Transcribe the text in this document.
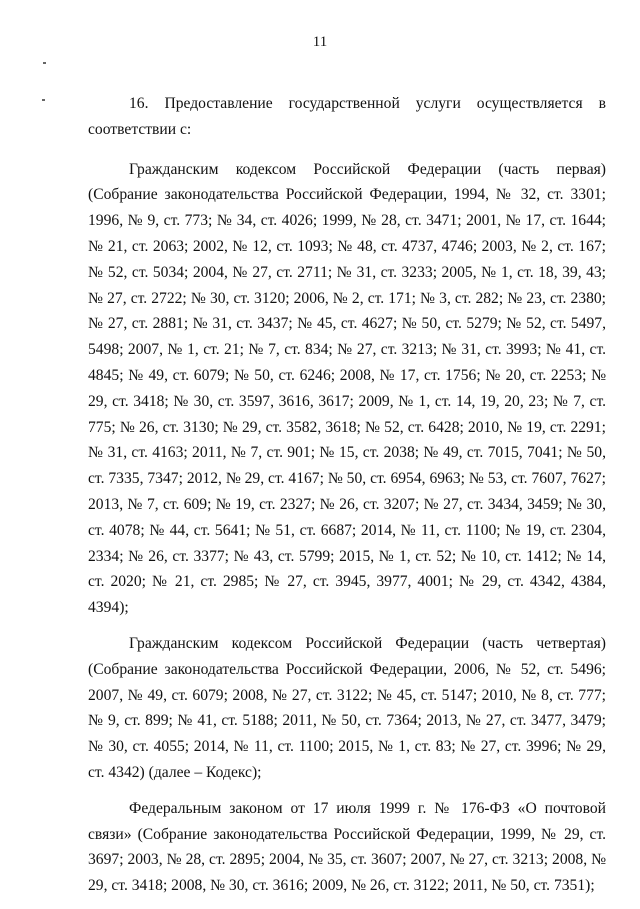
11

16. Предоставление государственной услуги осуществляется в соответствии с:

Гражданским кодексом Российской Федерации (часть первая) (Собрание законодательства Российской Федерации, 1994, № 32, ст. 3301; 1996, № 9, ст. 773; № 34, ст. 4026; 1999, № 28, ст. 3471; 2001, № 17, ст. 1644; № 21, ст. 2063; 2002, № 12, ст. 1093; № 48, ст. 4737, 4746; 2003, № 2, ст. 167; № 52, ст. 5034; 2004, № 27, ст. 2711; № 31, ст. 3233; 2005, № 1, ст. 18, 39, 43; № 27, ст. 2722; № 30, ст. 3120; 2006, № 2, ст. 171; № 3, ст. 282; № 23, ст. 2380; № 27, ст. 2881; № 31, ст. 3437; № 45, ст. 4627; № 50, ст. 5279; № 52, ст. 5497, 5498; 2007, № 1, ст. 21; № 7, ст. 834; № 27, ст. 3213; № 31, ст. 3993; № 41, ст. 4845; № 49, ст. 6079; № 50, ст. 6246; 2008, № 17, ст. 1756; № 20, ст. 2253; № 29, ст. 3418; № 30, ст. 3597, 3616, 3617; 2009, № 1, ст. 14, 19, 20, 23; № 7, ст. 775; № 26, ст. 3130; № 29, ст. 3582, 3618; № 52, ст. 6428; 2010, № 19, ст. 2291; № 31, ст. 4163; 2011, № 7, ст. 901; № 15, ст. 2038; № 49, ст. 7015, 7041; № 50, ст. 7335, 7347; 2012, № 29, ст. 4167; № 50, ст. 6954, 6963; № 53, ст. 7607, 7627; 2013, № 7, ст. 609; № 19, ст. 2327; № 26, ст. 3207; № 27, ст. 3434, 3459; № 30, ст. 4078; № 44, ст. 5641; № 51, ст. 6687; 2014, № 11, ст. 1100; № 19, ст. 2304, 2334; № 26, ст. 3377; № 43, ст. 5799; 2015, № 1, ст. 52; № 10, ст. 1412; № 14, ст. 2020; № 21, ст. 2985; № 27, ст. 3945, 3977, 4001; № 29, ст. 4342, 4384, 4394);

Гражданским кодексом Российской Федерации (часть четвертая) (Собрание законодательства Российской Федерации, 2006, № 52, ст. 5496; 2007, № 49, ст. 6079; 2008, № 27, ст. 3122; № 45, ст. 5147; 2010, № 8, ст. 777; № 9, ст. 899; № 41, ст. 5188; 2011, № 50, ст. 7364; 2013, № 27, ст. 3477, 3479; № 30, ст. 4055; 2014, № 11, ст. 1100; 2015, № 1, ст. 83; № 27, ст. 3996; № 29, ст. 4342) (далее – Кодекс);

Федеральным законом от 17 июля 1999 г. № 176-ФЗ «О почтовой связи» (Собрание законодательства Российской Федерации, 1999, № 29, ст. 3697; 2003, № 28, ст. 2895; 2004, № 35, ст. 3607; 2007, № 27, ст. 3213; 2008, № 29, ст. 3418; 2008, № 30, ст. 3616; 2009, № 26, ст. 3122; 2011, № 50, ст. 7351);
